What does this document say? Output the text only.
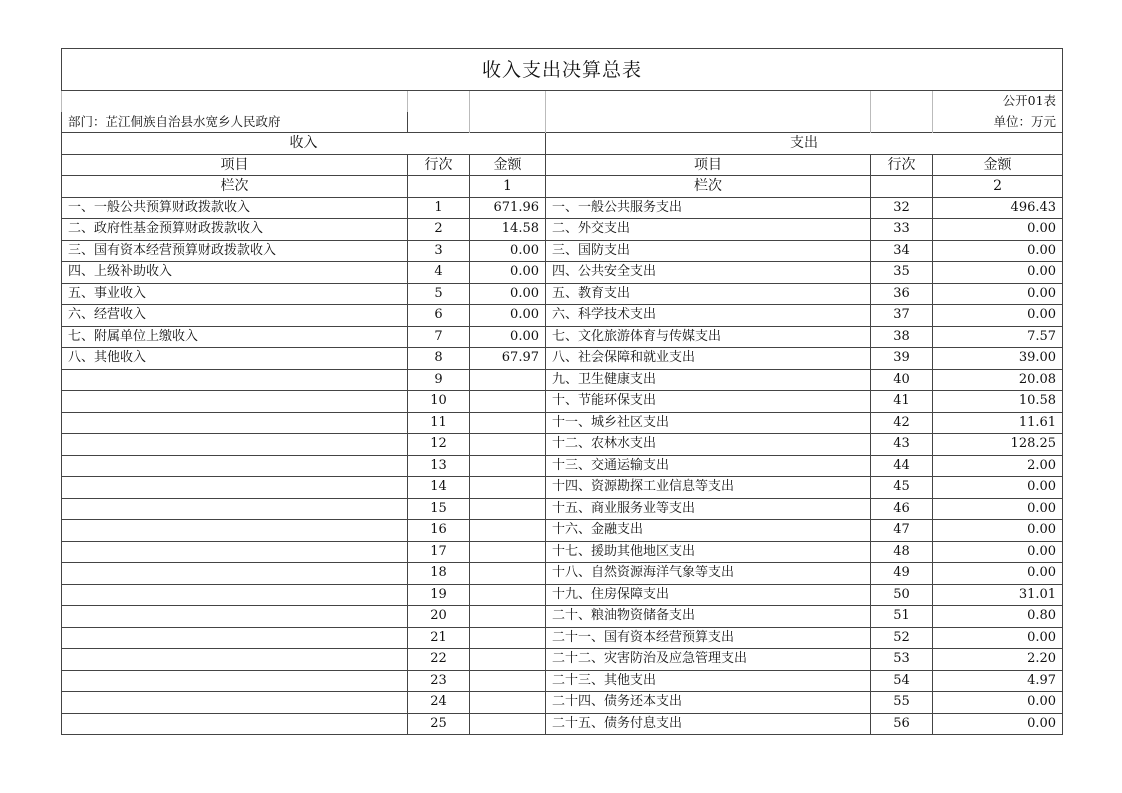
收入支出决算总表					
					公开01表
部门：芷江侗族自治县水宽乡人民政府					单位：万元
收入			支出		
项目	行次	金额	项目	行次	金额
栏次		1	栏次		2
一、一般公共预算财政拨款收入	1	671.96	一、一般公共服务支出	32	496.43
二、政府性基金预算财政拨款收入	2	14.58	二、外交支出	33	0.00
三、国有资本经营预算财政拨款收入	3	0.00	三、国防支出	34	0.00
四、上级补助收入	4	0.00	四、公共安全支出	35	0.00
五、事业收入	5	0.00	五、教育支出	36	0.00
六、经营收入	6	0.00	六、科学技术支出	37	0.00
七、附属单位上缴收入	7	0.00	七、文化旅游体育与传媒支出	38	7.57
八、其他收入	8	67.97	八、社会保障和就业支出	39	39.00
	9		九、卫生健康支出	40	20.08
	10		十、节能环保支出	41	10.58
	11		十一、城乡社区支出	42	11.61
	12		十二、农林水支出	43	128.25
	13		十三、交通运输支出	44	2.00
	14		十四、资源勘探工业信息等支出	45	0.00
	15		十五、商业服务业等支出	46	0.00
	16		十六、金融支出	47	0.00
	17		十七、援助其他地区支出	48	0.00
	18		十八、自然资源海洋气象等支出	49	0.00
	19		十九、住房保障支出	50	31.01
	20		二十、粮油物资储备支出	51	0.80
	21		二十一、国有资本经营预算支出	52	0.00
	22		二十二、灾害防治及应急管理支出	53	2.20
	23		二十三、其他支出	54	4.97
	24		二十四、债务还本支出	55	0.00
	25		二十五、债务付息支出	56	0.00
